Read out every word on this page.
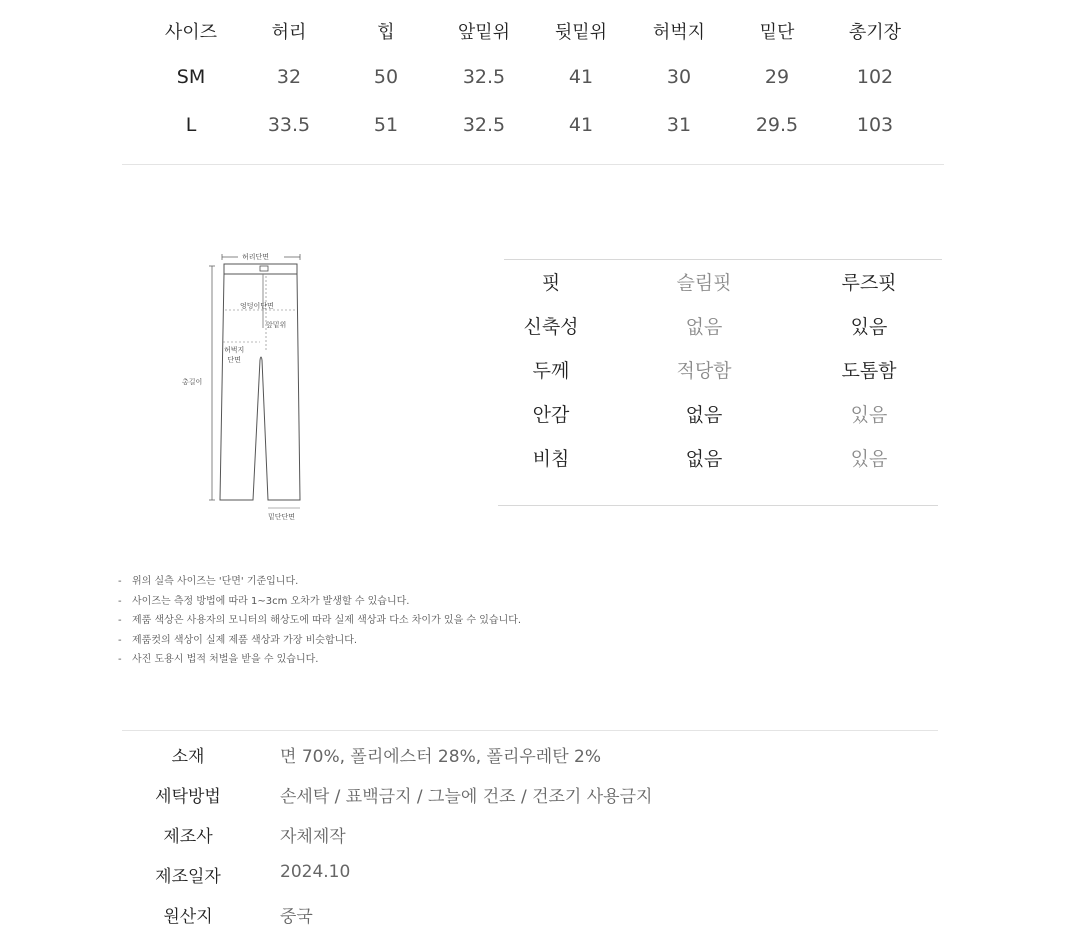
사이즈	허리	힙	앞밑위	뒷밑위	허벅지	밑단	총기장
SM	32	50	32.5	41	30	29	102
L	33.5	51	32.5	41	31	29.5	103
허리단면
엉덩이단면
앞밑위
허벅지
단면
총길이
밑단단면
핏	슬림핏	루즈핏
신축성	없음	있음
두께	적당함	도톰함
안감	없음	있음
비침	없음	있음
- 위의 실측 사이즈는 '단면' 기준입니다.
- 사이즈는 측정 방법에 따라 1~3cm 오차가 발생할 수 있습니다.
- 제품 색상은 사용자의 모니터의 해상도에 따라 실제 색상과 다소 차이가 있을 수 있습니다.
- 제품컷의 색상이 실제 제품 색상과 가장 비슷합니다.
- 사진 도용시 법적 처벌을 받을 수 있습니다.
소재	면 70%, 폴리에스터 28%, 폴리우레탄 2%
세탁방법	손세탁 / 표백금지 / 그늘에 건조 / 건조기 사용금지
제조사	자체제작
제조일자	2024.10
원산지	중국
